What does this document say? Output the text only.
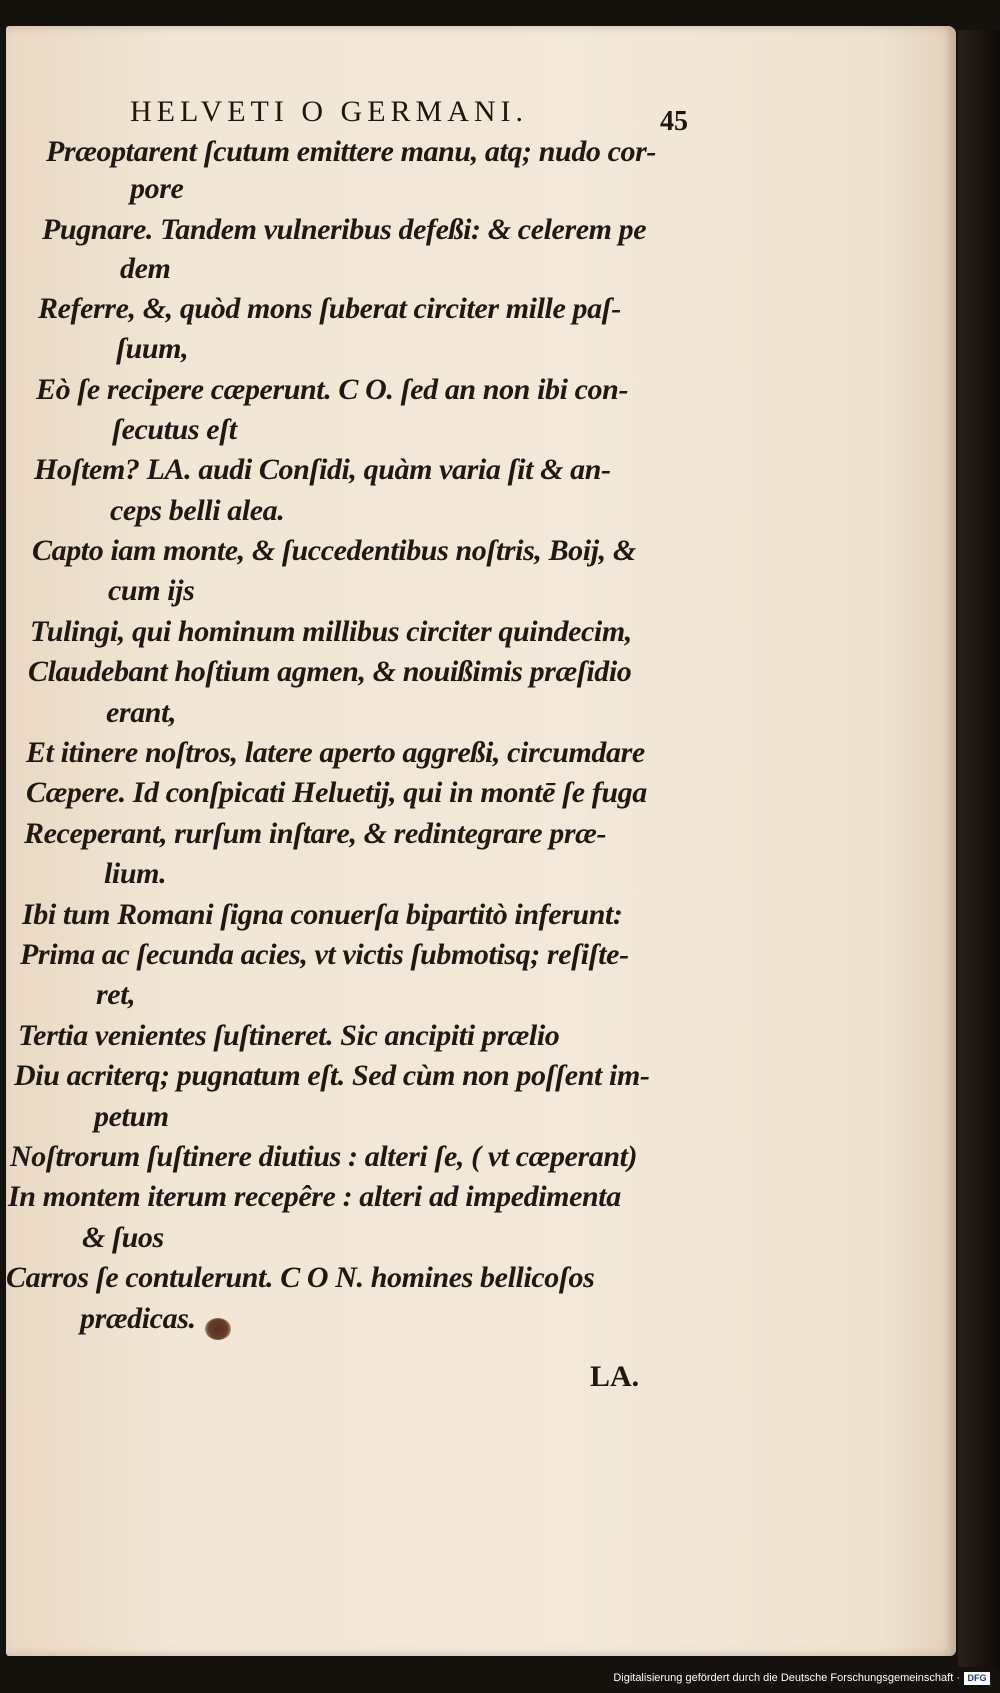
HELVETI O GERMANI.	45
Præoptarent ſcutum emittere manu, atq; nudo cor-
pore
Pugnare. Tandem vulneribus defeßi: & celerem pe
dem
Referre, &, quòd mons ſuberat circiter mille paſ-
ſuum,
Eò ſe recipere cæperunt. C O. ſed an non ibi con-
ſecutus eſt
Hoſtem? LA. audi Conſidi, quàm varia ſit & an-
ceps belli alea.
Capto iam monte, & ſuccedentibus noſtris, Boij, &
cum ijs
Tulingi, qui hominum millibus circiter quindecim,
Claudebant hoſtium agmen, & nouißimis præſidio
erant,
Et itinere noſtros, latere aperto aggreßi, circumdare
Cæpere. Id conſpicati Heluetij, qui in montē ſe fuga
Receperant, rurſum inſtare, & redintegrare præ-
lium.
Ibi tum Romani ſigna conuerſa bipartitò inferunt:
Prima ac ſecunda acies, vt victis ſubmotisq; reſiſte-
ret,
Tertia venientes ſuſtineret. Sic ancipiti prælio
Diu acriterq; pugnatum eſt. Sed cùm non poſſent im-
petum
Noſtrorum ſuſtinere diutius : alteri ſe, ( vt cæperant)
In montem iterum recepêre : alteri ad impedimenta
& ſuos
Carros ſe contulerunt. C O N. homines bellicoſos
prædicas.
LA.
Digitalisierung gefördert durch die Deutsche Forschungsgemeinschaft · DFG
